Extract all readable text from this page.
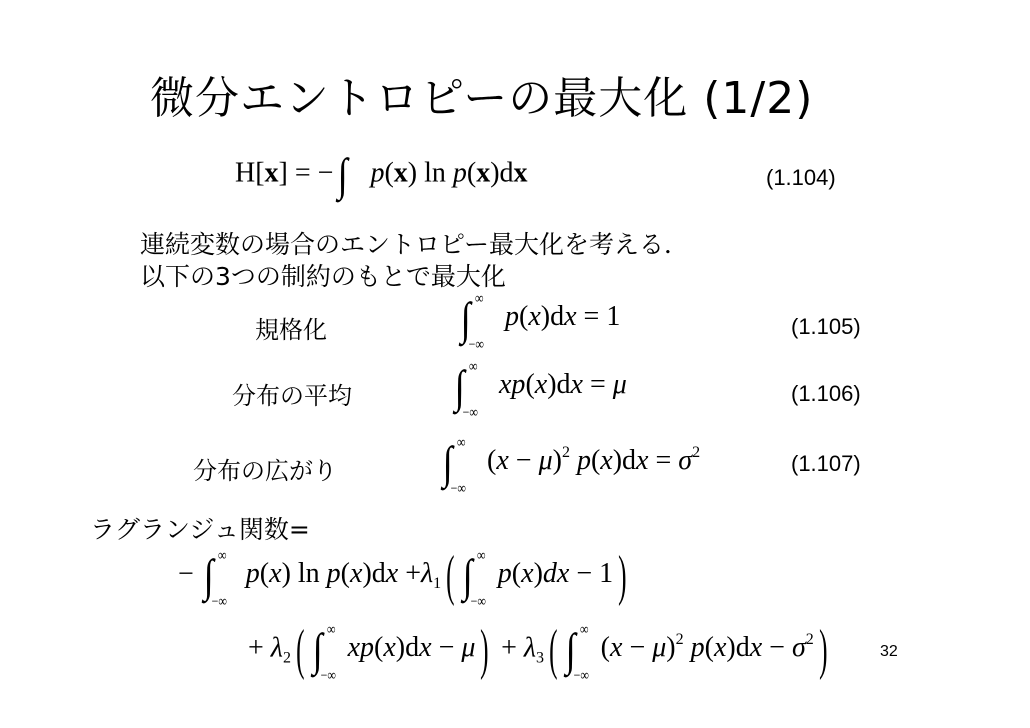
微分エントロピーの最大化 (1/2)
H[x] = − ∫ p(x) ln p(x)dx	(1.104)
連続変数の場合のエントロピー最大化を考える．
以下の3つの制約のもとで最大化
規格化	∫ ∞
−∞
p(x)dx = 1	(1.105)
分布の平均 ∫ ∞
−∞
xp(x)dx = μ	(1.106)
分布の広がり ∫ ∞
−∞
$(x - \mu)^2$ $p(x)dx = \sigma^2$	(1.107)
ラグランジュ関数=
− ∫ ∞
−∞
p(x) $\ln p(x)dx +\lambda_1$( ∫ ∞
−∞
p(x)dx − 1)
+ $\lambda_2$( ∫ ∞
−∞
$xp(x)dx - \mu) + \lambda_3$( ∫ ∞
−∞
$(x - \mu)^2$ $p(x)dx - \sigma^2$)	32
